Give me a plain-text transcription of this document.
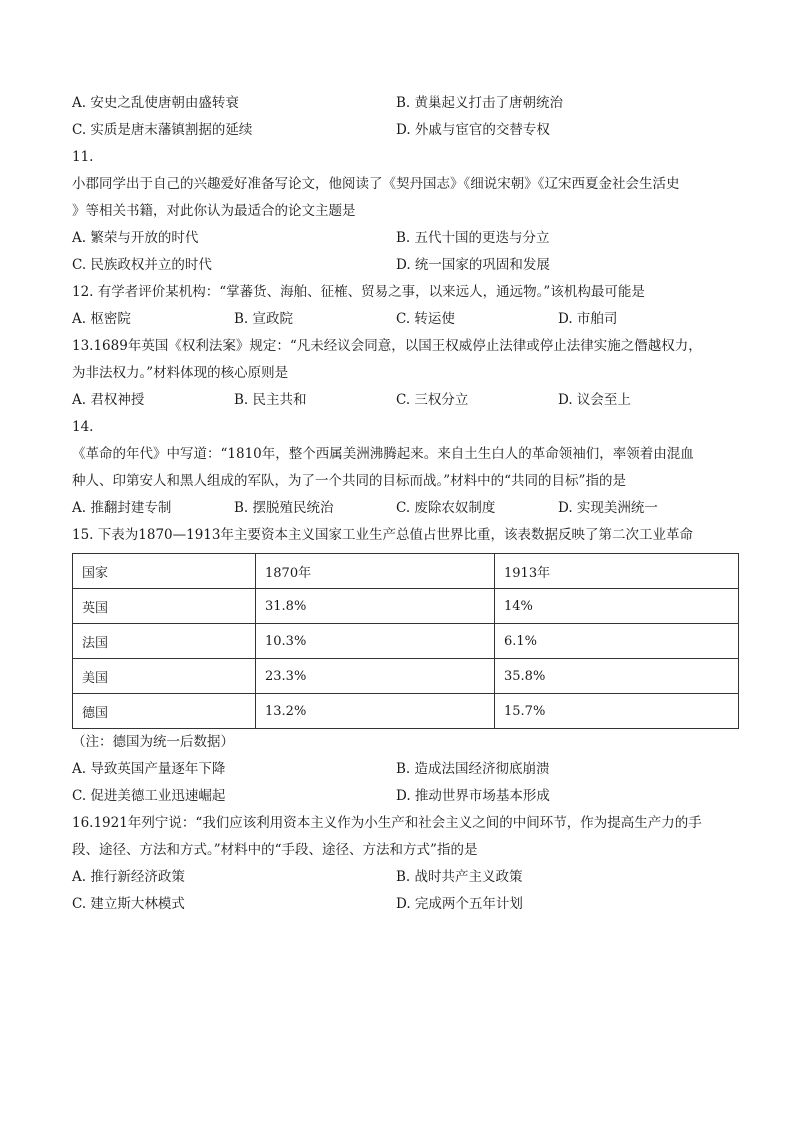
A. 安史之乱使唐朝由盛转衰	B. 黄巢起义打击了唐朝统治
C. 实质是唐末藩镇割据的延续	D. 外戚与宦官的交替专权
11.
小郡同学出于自己的兴趣爱好准备写论文，他阅读了《契丹国志》《细说宋朝》《辽宋西夏金社会生活史
》等相关书籍，对此你认为最适合的论文主题是
A. 繁荣与开放的时代	B. 五代十国的更迭与分立
C. 民族政权并立的时代	D. 统一国家的巩固和发展
12. 有学者评价某机构：“掌蕃货、海舶、征榷、贸易之事，以来远人，通远物。”该机构最可能是
A. 枢密院	B. 宣政院	C. 转运使	D. 市舶司
13.1689年英国《权利法案》规定：“凡未经议会同意，以国王权威停止法律或停止法律实施之僭越权力，
为非法权力。”材料体现的核心原则是
A. 君权神授	B. 民主共和	C. 三权分立	D. 议会至上
14.
《革命的年代》中写道：“1810年，整个西属美洲沸腾起来。来自土生白人的革命领袖们，率领着由混血
种人、印第安人和黑人组成的军队，为了一个共同的目标而战。”材料中的“共同的目标”指的是
A. 推翻封建专制	B. 摆脱殖民统治	C. 废除农奴制度	D. 实现美洲统一
15. 下表为1870—1913年主要资本主义国家工业生产总值占世界比重，该表数据反映了第二次工业革命
国家	1870年	1913年
英国	31.8%	14%
法国	10.3%	6.1%
美国	23.3%	35.8%
德国	13.2%	15.7%
（注：德国为统一后数据）
A. 导致英国产量逐年下降	B. 造成法国经济彻底崩溃
C. 促进美德工业迅速崛起	D. 推动世界市场基本形成
16.1921年列宁说：“我们应该利用资本主义作为小生产和社会主义之间的中间环节，作为提高生产力的手
段、途径、方法和方式。”材料中的“手段、途径、方法和方式”指的是
A. 推行新经济政策	B. 战时共产主义政策
C. 建立斯大林模式	D. 完成两个五年计划
